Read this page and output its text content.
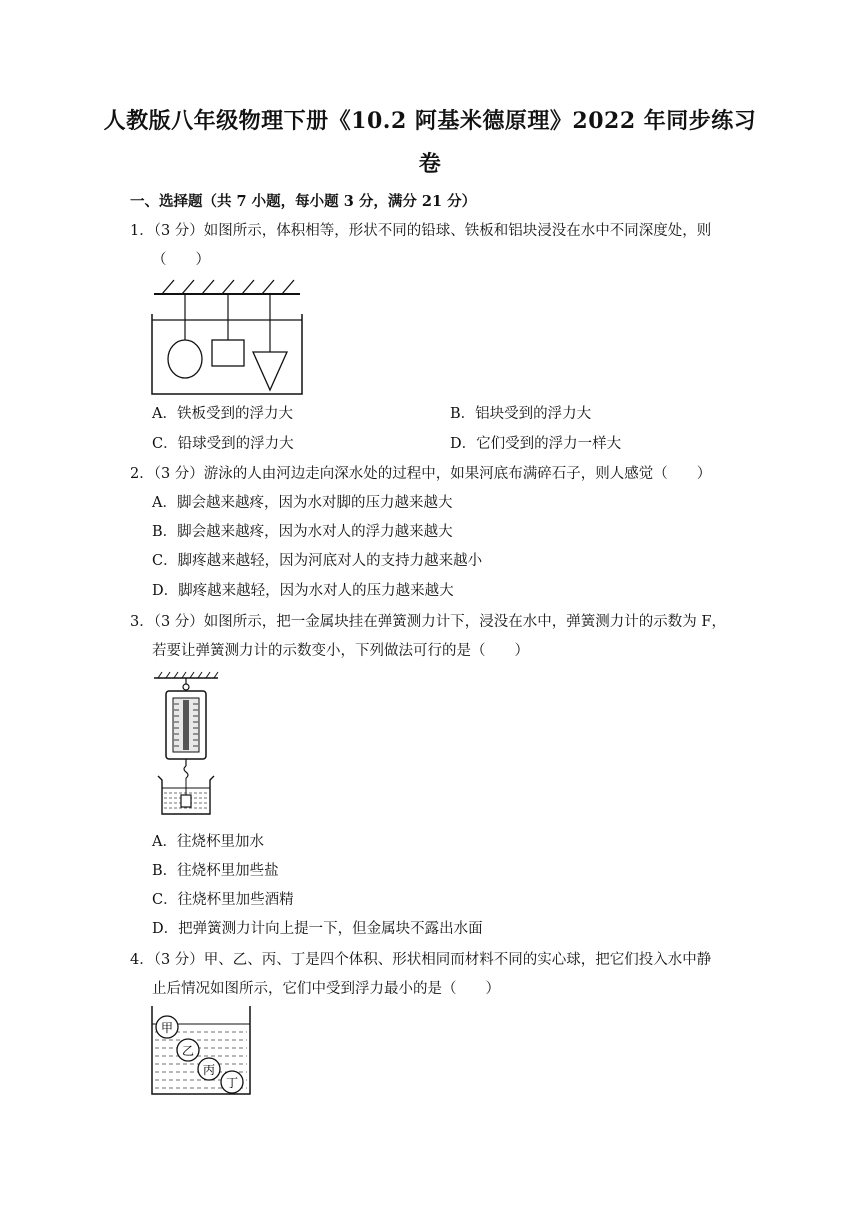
人教版八年级物理下册《10.2 阿基米德原理》2022 年同步练习
卷
一、选择题（共 7 小题，每小题 3 分，满分 21 分）
1．（3 分）如图所示，体积相等，形状不同的铅球、铁板和铝块浸没在水中不同深度处，则
（　　）
A．铁板受到的浮力大	B．铝块受到的浮力大
C．铅球受到的浮力大	D．它们受到的浮力一样大
2．（3 分）游泳的人由河边走向深水处的过程中，如果河底布满碎石子，则人感觉（　　）
A．脚会越来越疼，因为水对脚的压力越来越大
B．脚会越来越疼，因为水对人的浮力越来越大
C．脚疼越来越轻，因为河底对人的支持力越来越小
D．脚疼越来越轻，因为水对人的压力越来越大
3．（3 分）如图所示，把一金属块挂在弹簧测力计下，浸没在水中，弹簧测力计的示数为 F，
若要让弹簧测力计的示数变小，下列做法可行的是（　　）
A．往烧杯里加水
B．往烧杯里加些盐
C．往烧杯里加些酒精
D．把弹簧测力计向上提一下，但金属块不露出水面
4．（3 分）甲、乙、丙、丁是四个体积、形状相同而材料不同的实心球，把它们投入水中静
止后情况如图所示，它们中受到浮力最小的是（　　）
甲
乙
丙
丁
